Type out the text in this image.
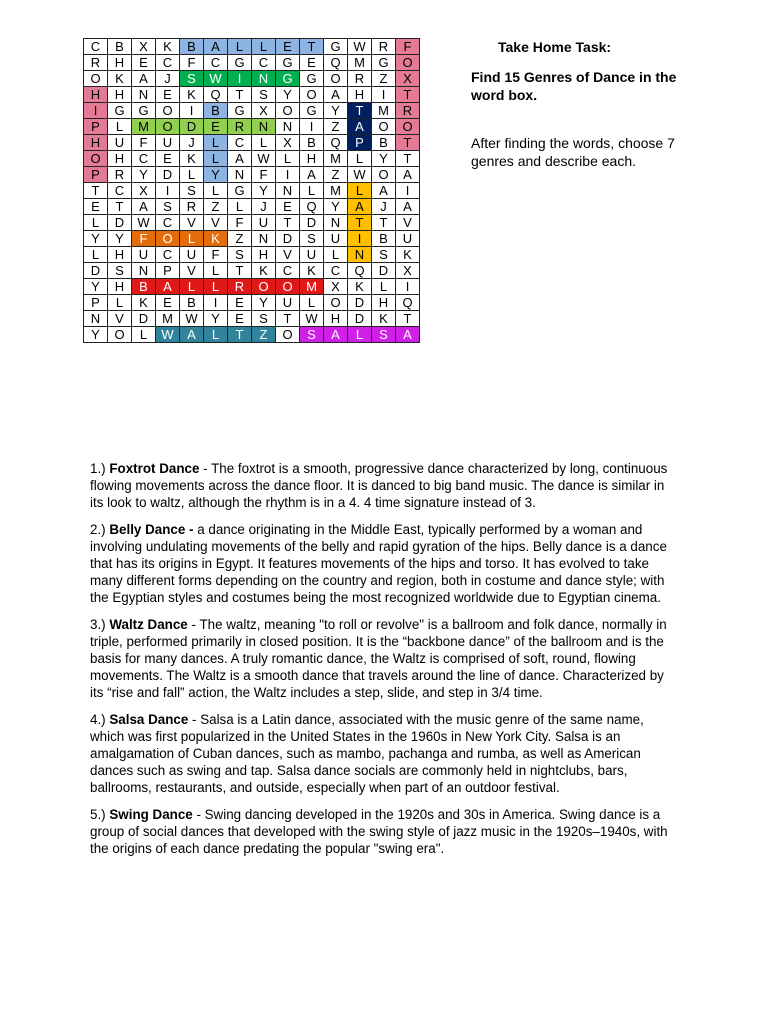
C	B	X	K	B	A	L	L	E	T	G	W	R	F
R	H	E	C	F	C	G	C	G	E	Q	M	G	O
O	K	A	J	S	W	I	N	G	G	O	R	Z	X
H	H	N	E	K	Q	T	S	Y	O	A	H	I	T
I	G	G	O	I	B	G	X	O	G	Y	T	M	R
P	L	M	O	D	E	R	N	N	I	Z	A	O	O
H	U	F	U	J	L	C	L	X	B	Q	P	B	T
O	H	C	E	K	L	A	W	L	H	M	L	Y	T
P	R	Y	D	L	Y	N	F	I	A	Z	W	O	A
T	C	X	I	S	L	G	Y	N	L	M	L	A	I
E	T	A	S	R	Z	L	J	E	Q	Y	A	J	A
L	D	W	C	V	V	F	U	T	D	N	T	T	V
Y	Y	F	O	L	K	Z	N	D	S	U	I	B	U
L	H	U	C	U	F	S	H	V	U	L	N	S	K
D	S	N	P	V	L	T	K	C	K	C	Q	D	X
Y	H	B	A	L	L	R	O	O	M	X	K	L	I
P	L	K	E	B	I	E	Y	U	L	O	D	H	Q
N	V	D	M	W	Y	E	S	T	W	H	D	K	T
Y	O	L	W	A	L	T	Z	O	S	A	L	S	A
Take Home Task:
Find 15 Genres of Dance in the word box.
After finding the words, choose 7 genres and describe each.
1.) Foxtrot Dance - The foxtrot is a smooth, progressive dance characterized by long, continuous flowing movements across the dance floor. It is danced to big band music. The dance is similar in its look to waltz, although the rhythm is in a 4. 4 time signature instead of 3.
2.) Belly Dance - a dance originating in the Middle East, typically performed by a woman and involving undulating movements of the belly and rapid gyration of the hips. Belly dance is a dance that has its origins in Egypt. It features movements of the hips and torso. It has evolved to take many different forms depending on the country and region, both in costume and dance style; with the Egyptian styles and costumes being the most recognized worldwide due to Egyptian cinema.
3.) Waltz Dance - The waltz, meaning "to roll or revolve" is a ballroom and folk dance, normally in triple, performed primarily in closed position. It is the “backbone dance” of the ballroom and is the basis for many dances. A truly romantic dance, the Waltz is comprised of soft, round, flowing movements. The Waltz is a smooth dance that travels around the line of dance. Characterized by its “rise and fall” action, the Waltz includes a step, slide, and step in 3/4 time.
4.) Salsa Dance - Salsa is a Latin dance, associated with the music genre of the same name, which was first popularized in the United States in the 1960s in New York City. Salsa is an amalgamation of Cuban dances, such as mambo, pachanga and rumba, as well as American dances such as swing and tap. Salsa dance socials are commonly held in nightclubs, bars, ballrooms, restaurants, and outside, especially when part of an outdoor festival.
5.) Swing Dance - Swing dancing developed in the 1920s and 30s in America. Swing dance is a group of social dances that developed with the swing style of jazz music in the 1920s–1940s, with the origins of each dance predating the popular "swing era".
